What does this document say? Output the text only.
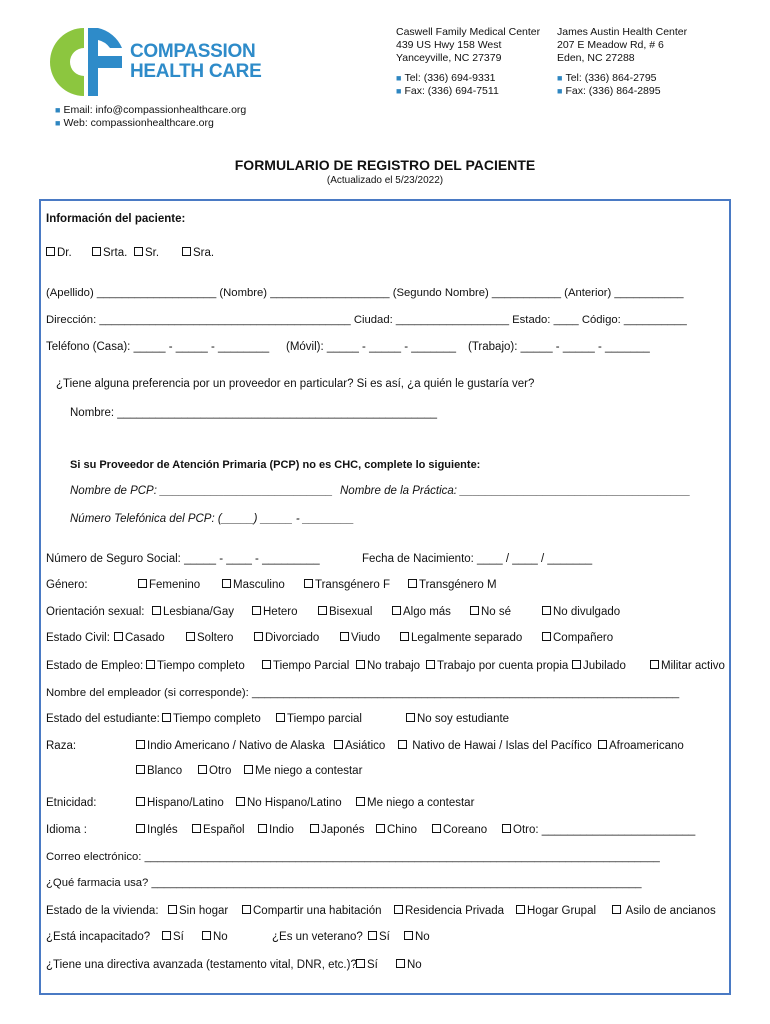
COMPASSION
HEALTH CARE
■ Email: info@compassionhealthcare.org
■ Web: compassionhealthcare.org
Caswell Family Medical Center
439 US Hwy 158 West
Yanceyville, NC 27379
■ Tel: (336) 694-9331
■ Fax: (336) 694-7511
James Austin Health Center
207 E Meadow Rd, # 6
Eden, NC 27288
■ Tel: (336) 864-2795
■ Fax: (336) 864-2895
FORMULARIO DE REGISTRO DEL PACIENTE
(Actualizado el 5/23/2022)
Información del paciente:
Dr.	Srta.	Sr.	Sra.
(Apellido) ___________________ (Nombre) ___________________ (Segundo Nombre) ___________ (Anterior) ___________
Dirección: ________________________________________ Ciudad: __________________ Estado: ____ Código: __________
Teléfono (Casa): _____ - _____ - ________ (Móvil): _____ - _____ - _______ (Trabajo): _____ - _____ - _______
¿Tiene alguna preferencia por un proveedor en particular? Si es así, ¿a quién le gustaría ver?
Nombre: __________________________________________________
Si su Proveedor de Atención Primaria (PCP) no es CHC, complete lo siguiente:
Nombre de PCP: ___________________________ Nombre de la Práctica: ____________________________________
Número Telefónica del PCP: (_____) _____ - ________
Número de Seguro Social: _____ - ____ - _________	Fecha de Nacimiento: ____ / ____ / _______
Género:	Femenino	Masculino	Transgénero F	Transgénero M
Orientación sexual:	Lesbiana/Gay	Hetero	Bisexual	Algo más	No sé	No divulgado
Estado Civil:	Casado	Soltero	Divorciado	Viudo	Legalmente separado	Compañero
Estado de Empleo:	Tiempo completo	Tiempo Parcial	No trabajo	Trabajo por cuenta propia	Jubilado	Militar activo
Nombre del empleador (si corresponde): ____________________________________________________________________
Estado del estudiante:	Tiempo completo	Tiempo parcial	No soy estudiante
Raza:	Indio Americano / Nativo de Alaska	Asiático	Nativo de Hawai / Islas del Pacífico	Afroamericano
Blanco	Otro	Me niego a contestar
Etnicidad:	Hispano/Latino	No Hispano/Latino	Me niego a contestar
Idioma :	Inglés	Español	Indio	Japonés	Chino	Coreano	Otro: ________________________
Correo electrónico: __________________________________________________________________________________
¿Qué farmacia usa? ______________________________________________________________________________
Estado de la vivienda:	Sin hogar	Compartir una habitación	Residencia Privada	Hogar Grupal	Asilo de ancianos
¿Está incapacitado?	Sí	No	¿Es un veterano?	Sí	No
¿Tiene una directiva avanzada (testamento vital, DNR, etc.)? Sí	No
